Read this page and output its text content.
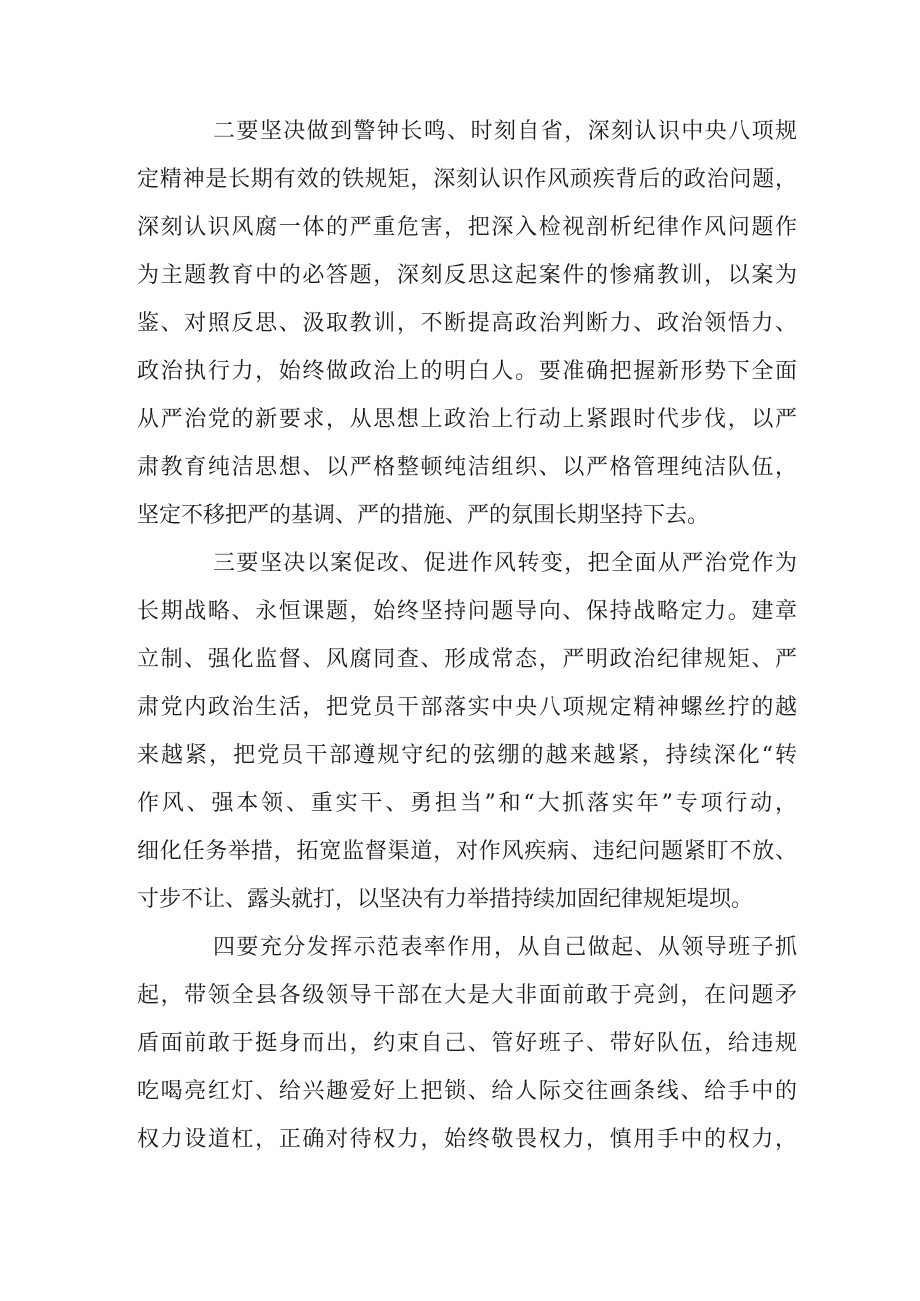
二要坚决做到警钟长鸣、时刻自省，深刻认识中央八项规
定精神是长期有效的铁规矩，深刻认识作风顽疾背后的政治问题，
深刻认识风腐一体的严重危害，把深入检视剖析纪律作风问题作
为主题教育中的必答题，深刻反思这起案件的惨痛教训，以案为
鉴、对照反思、汲取教训，不断提高政治判断力、政治领悟力、
政治执行力，始终做政治上的明白人。要准确把握新形势下全面
从严治党的新要求，从思想上政治上行动上紧跟时代步伐，以严
肃教育纯洁思想、以严格整顿纯洁组织、以严格管理纯洁队伍，
坚定不移把严的基调、严的措施、严的氛围长期坚持下去。
三要坚决以案促改、促进作风转变，把全面从严治党作为
长期战略、永恒课题，始终坚持问题导向、保持战略定力。建章
立制、强化监督、风腐同查、形成常态，严明政治纪律规矩、严
肃党内政治生活，把党员干部落实中央八项规定精神螺丝拧的越
来越紧，把党员干部遵规守纪的弦绷的越来越紧，持续深化“转
作风、强本领、重实干、勇担当”和“大抓落实年”专项行动，
细化任务举措，拓宽监督渠道，对作风疾病、违纪问题紧盯不放、
寸步不让、露头就打，以坚决有力举措持续加固纪律规矩堤坝。
四要充分发挥示范表率作用，从自己做起、从领导班子抓
起，带领全县各级领导干部在大是大非面前敢于亮剑，在问题矛
盾面前敢于挺身而出，约束自己、管好班子、带好队伍，给违规
吃喝亮红灯、给兴趣爱好上把锁、给人际交往画条线、给手中的
权力设道杠，正确对待权力，始终敬畏权力，慎用手中的权力，
